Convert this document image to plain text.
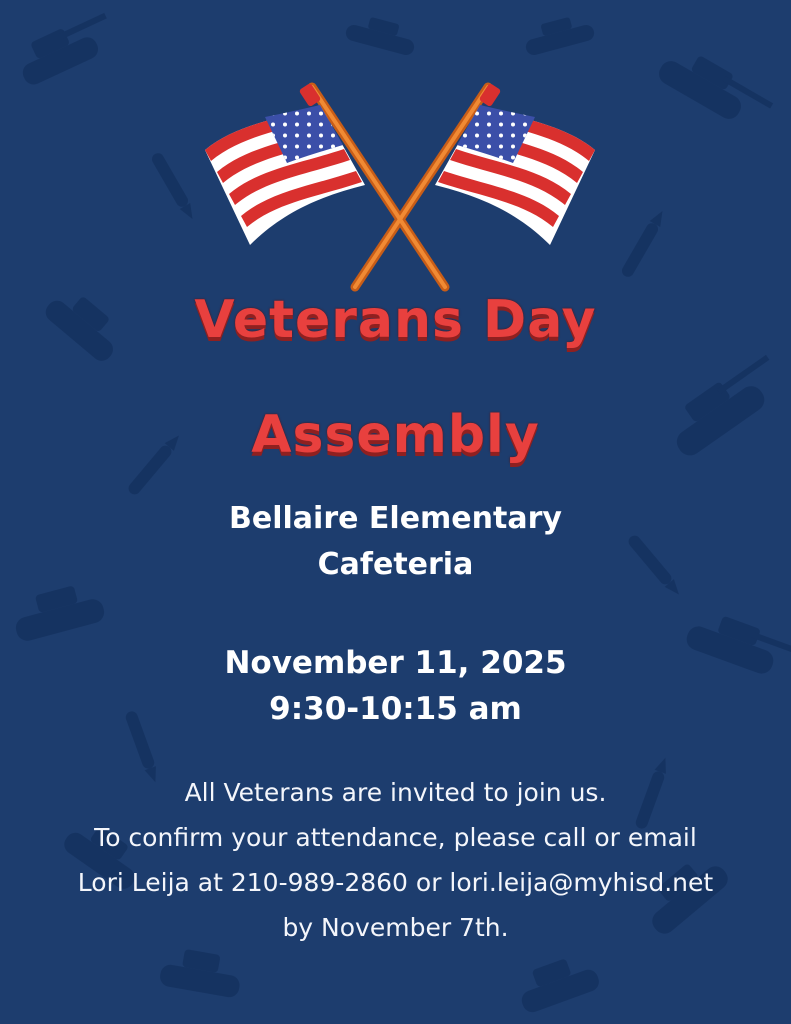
Veterans Day
Assembly
Bellaire Elementary
Cafeteria
November 11, 2025
9:30-10:15 am
All Veterans are invited to join us.
To confirm your attendance, please call or email
Lori Leija at 210-989-2860 or lori.leija@myhisd.net
by November 7th.
